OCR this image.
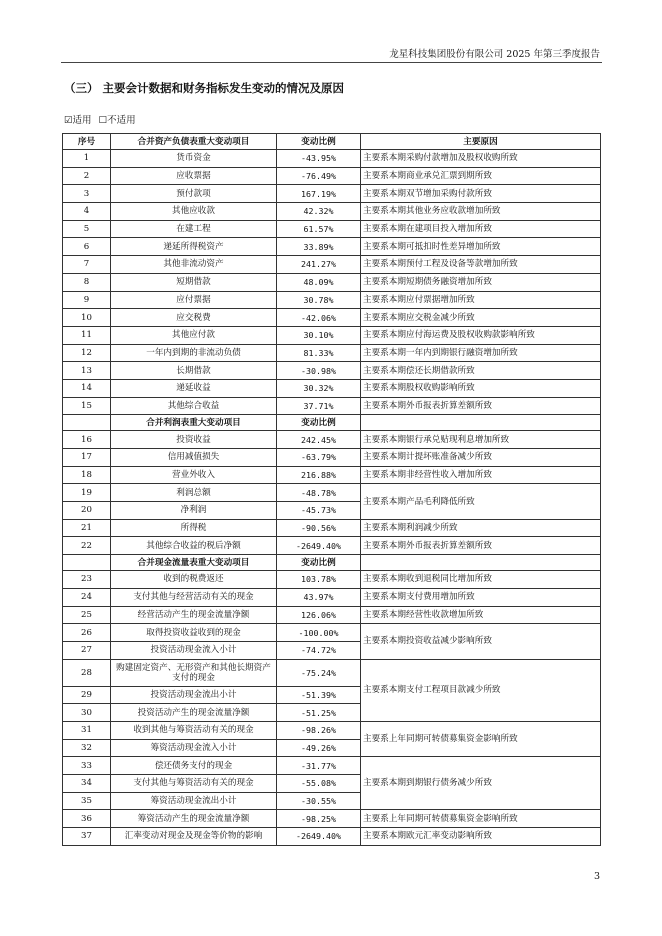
龙星科技集团股份有限公司 2025 年第三季度报告
（三） 主要会计数据和财务指标发生变动的情况及原因
☑适用 ☐不适用
序号	合并资产负债表重大变动项目	变动比例	主要原因
1	货币资金	-43.95%	主要系本期采购付款增加及股权收购所致
2	应收票据	-76.49%	主要系本期商业承兑汇票到期所致
3	预付款项	167.19%	主要系本期双节增加采购付款所致
4	其他应收款	42.32%	主要系本期其他业务应收款增加所致
5	在建工程	61.57%	主要系本期在建项目投入增加所致
6	递延所得税资产	33.89%	主要系本期可抵扣时性差异增加所致
7	其他非流动资产	241.27%	主要系本期预付工程及设备等款增加所致
8	短期借款	48.09%	主要系本期短期债务融资增加所致
9	应付票据	30.78%	主要系本期应付票据增加所致
10	应交税费	-42.06%	主要系本期应交税金减少所致
11	其他应付款	30.10%	主要系本期应付海运费及股权收购款影响所致
12	一年内到期的非流动负债	81.33%	主要系本期一年内到期银行融资增加所致
13	长期借款	-30.98%	主要系本期偿还长期借款所致
14	递延收益	30.32%	主要系本期股权收购影响所致
15	其他综合收益	37.71%	主要系本期外币报表折算差额所致
	合并利润表重大变动项目	变动比例	
16	投资收益	242.45%	主要系本期银行承兑贴现利息增加所致
17	信用减值损失	-63.79%	主要系本期计提坏账准备减少所致
18	营业外收入	216.88%	主要系本期非经营性收入增加所致
19	利润总额	-48.78%	主要系本期产品毛利降低所致
20	净利润	-45.73%	
21	所得税	-90.56%	主要系本期利润减少所致
22	其他综合收益的税后净额	-2649.40%	主要系本期外币报表折算差额所致
	合并现金流量表重大变动项目	变动比例	
23	收到的税费返还	103.78%	主要系本期收到退税同比增加所致
24	支付其他与经营活动有关的现金	43.97%	主要系本期支付费用增加所致
25	经营活动产生的现金流量净额	126.06%	主要系本期经营性收款增加所致
26	取得投资收益收到的现金	-100.00%	主要系本期投资收益减少影响所致
27	投资活动现金流入小计	-74.72%	
28	购建固定资产、无形资产和其他长期资产支付的现金	-75.24%	主要系本期支付工程项目款减少所致
29	投资活动现金流出小计	-51.39%	
30	投资活动产生的现金流量净额	-51.25%	
31	收到其他与筹资活动有关的现金	-98.26%	主要系上年同期可转债募集资金影响所致
32	筹资活动现金流入小计	-49.26%	
33	偿还债务支付的现金	-31.77%	主要系本期到期银行债务减少所致
34	支付其他与筹资活动有关的现金	-55.08%	
35	筹资活动现金流出小计	-30.55%	
36	筹资活动产生的现金流量净额	-98.25%	主要系上年同期可转债募集资金影响所致
37	汇率变动对现金及现金等价物的影响	-2649.40%	主要系本期欧元汇率变动影响所致
3
